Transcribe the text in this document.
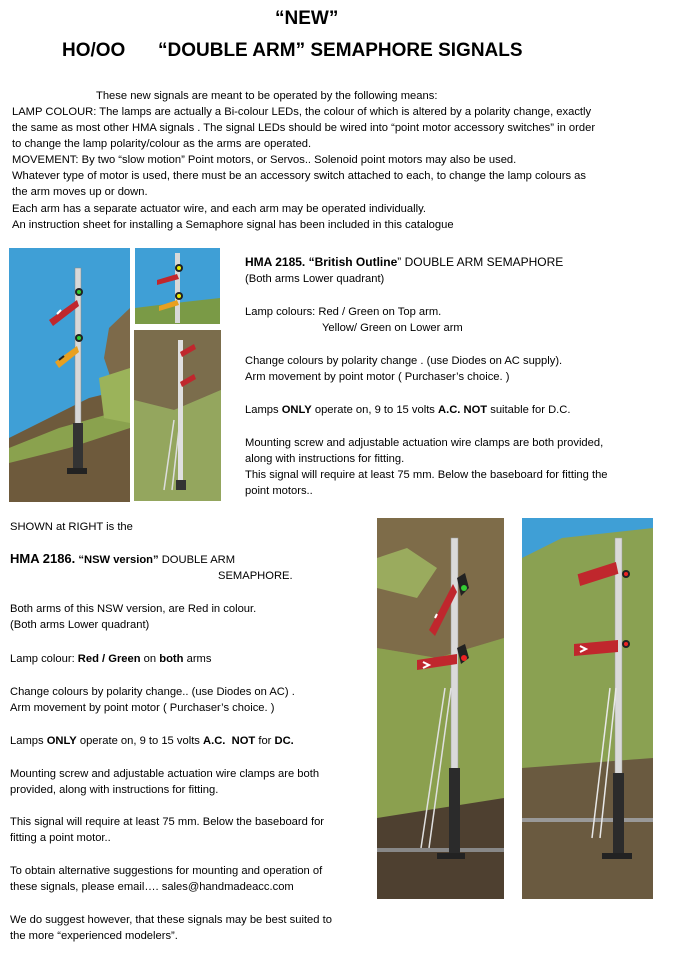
“NEW”
HO/OO “DOUBLE ARM” SEMAPHORE SIGNALS
These new signals are meant to be operated by the following means:
LAMP COLOUR: The lamps are actually a Bi-colour LEDs, the colour of which is altered by a polarity change, exactly
the same as most other HMA signals . The signal LEDs should be wired into “point motor accessory switches” in order
to change the lamp polarity/colour as the arms are operated.
MOVEMENT: By two “slow motion” Point motors, or Servos.. Solenoid point motors may also be used.
Whatever type of motor is used, there must be an accessory switch attached to each, to change the lamp colours as
the arm moves up or down.
Each arm has a separate actuator wire, and each arm may be operated individually.
An instruction sheet for installing a Semaphore signal has been included in this catalogue
HMA 2185. “British Outline” DOUBLE ARM SEMAPHORE
(Both arms Lower quadrant)
Lamp colours: Red / Green on Top arm.
Yellow/ Green on Lower arm
Change colours by polarity change . (use Diodes on AC supply).
Arm movement by point motor ( Purchaser’s choice. )
Lamps ONLY operate on, 9 to 15 volts A.C. NOT suitable for D.C.
Mounting screw and adjustable actuation wire clamps are both provided,
along with instructions for fitting.
This signal will require at least 75 mm. Below the baseboard for fitting the
point motors..
SHOWN at RIGHT is the
HMA 2186. “NSW version” DOUBLE ARM
SEMAPHORE.
Both arms of this NSW version, are Red in colour.
(Both arms Lower quadrant)
Lamp colour: Red / Green on both arms
Change colours by polarity change.. (use Diodes on AC) .
Arm movement by point motor ( Purchaser’s choice. )
Lamps ONLY operate on, 9 to 15 volts A.C. NOT for DC.
Mounting screw and adjustable actuation wire clamps are both
provided, along with instructions for fitting.
This signal will require at least 75 mm. Below the baseboard for
fitting a point motor..
To obtain alternative suggestions for mounting and operation of
these signals, please email…. sales@handmadeacc.com
We do suggest however, that these signals may be best suited to
the more “experienced modelers”.
